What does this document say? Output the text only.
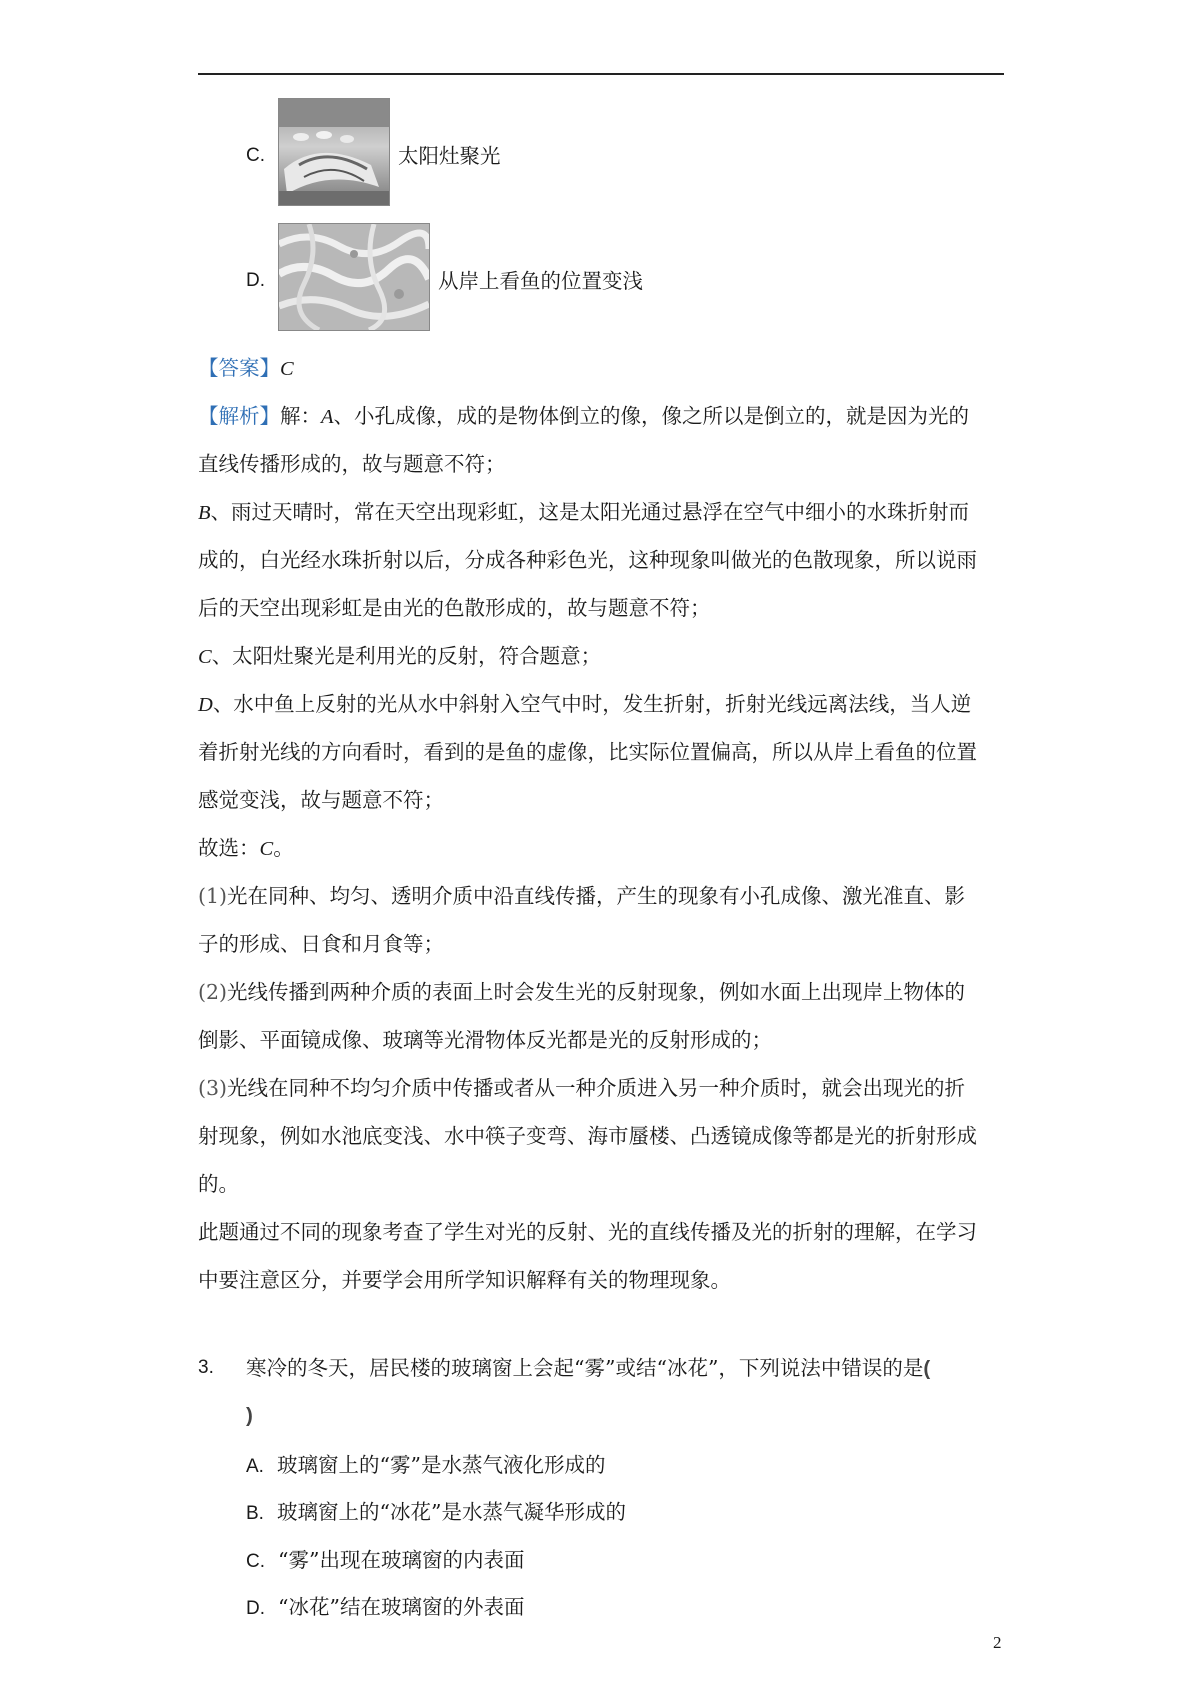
C.	太阳灶聚光
D.	从岸上看鱼的位置变浅
【答案】C
【解析】解：A、小孔成像，成的是物体倒立的像，像之所以是倒立的，就是因为光的
直线传播形成的，故与题意不符；
B、雨过天晴时，常在天空出现彩虹，这是太阳光通过悬浮在空气中细小的水珠折射而
成的，白光经水珠折射以后，分成各种彩色光，这种现象叫做光的色散现象，所以说雨
后的天空出现彩虹是由光的色散形成的，故与题意不符；
C、太阳灶聚光是利用光的反射，符合题意；
D、水中鱼上反射的光从水中斜射入空气中时，发生折射，折射光线远离法线，当人逆
着折射光线的方向看时，看到的是鱼的虚像，比实际位置偏高，所以从岸上看鱼的位置
感觉变浅，故与题意不符；
故选：C。
(1)光在同种、均匀、透明介质中沿直线传播，产生的现象有小孔成像、激光准直、影
子的形成、日食和月食等；
(2)光线传播到两种介质的表面上时会发生光的反射现象，例如水面上出现岸上物体的
倒影、平面镜成像、玻璃等光滑物体反光都是光的反射形成的；
(3)光线在同种不均匀介质中传播或者从一种介质进入另一种介质时，就会出现光的折
射现象，例如水池底变浅、水中筷子变弯、海市蜃楼、凸透镜成像等都是光的折射形成
的。
此题通过不同的现象考查了学生对光的反射、光的直线传播及光的折射的理解，在学习
中要注意区分，并要学会用所学知识解释有关的物理现象。
3. 寒冷的冬天，居民楼的玻璃窗上会起“雾”或结“冰花”，下列说法中错误的是(
)
A. 玻璃窗上的“雾”是水蒸气液化形成的
B. 玻璃窗上的“冰花”是水蒸气凝华形成的
C. “雾”出现在玻璃窗的内表面
D. “冰花”结在玻璃窗的外表面
2
